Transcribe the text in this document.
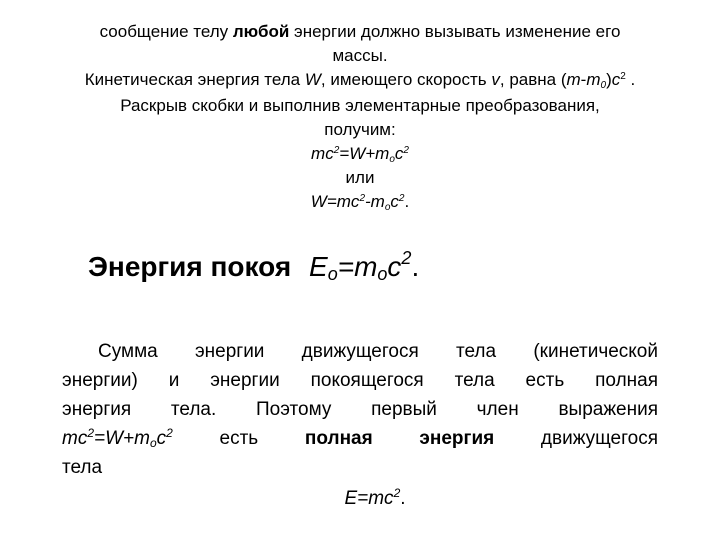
сообщение телу любой энергии должно вызывать изменение его
массы.
Кинетическая энергия тела W, имеющего скорость v, равна $(m-m_0)c^2$ .
Раскрыв скобки и выполнив элементарные преобразования,
получим:
$mc^2=W+m_oc^2$
или
$W=mc^2-m_oc^2$.
Энергия покоя $E_o=m_oc^2$.
Сумма энергии движущегося тела (кинетической
энергии) и энергии покоящегося тела есть полная
энергия тела. Поэтому первый член выражения
$mc^2=W+m_oc^2$ есть полная энергия движущегося
тела
$E=mc^2$.
